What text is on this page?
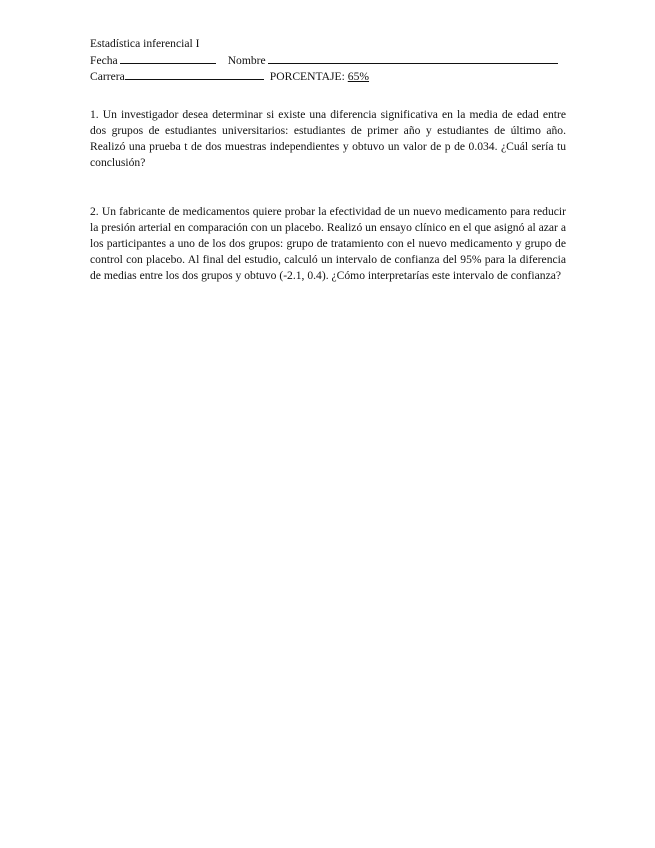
Estadística inferencial I
Fecha	Nombre
Carrera	PORCENTAJE: 65%

1. Un investigador desea determinar si existe una diferencia significativa en la media de edad entre dos grupos de estudiantes universitarios: estudiantes de primer año y estudiantes de último año. Realizó una prueba t de dos muestras independientes y obtuvo un valor de p de 0.034. ¿Cuál sería tu conclusión?

2. Un fabricante de medicamentos quiere probar la efectividad de un nuevo medicamento para reducir la presión arterial en comparación con un placebo. Realizó un ensayo clínico en el que asignó al azar a los participantes a uno de los dos grupos: grupo de tratamiento con el nuevo medicamento y grupo de control con placebo. Al final del estudio, calculó un intervalo de confianza del 95% para la diferencia de medias entre los dos grupos y obtuvo (-2.1, 0.4). ¿Cómo interpretarías este intervalo de confianza?
